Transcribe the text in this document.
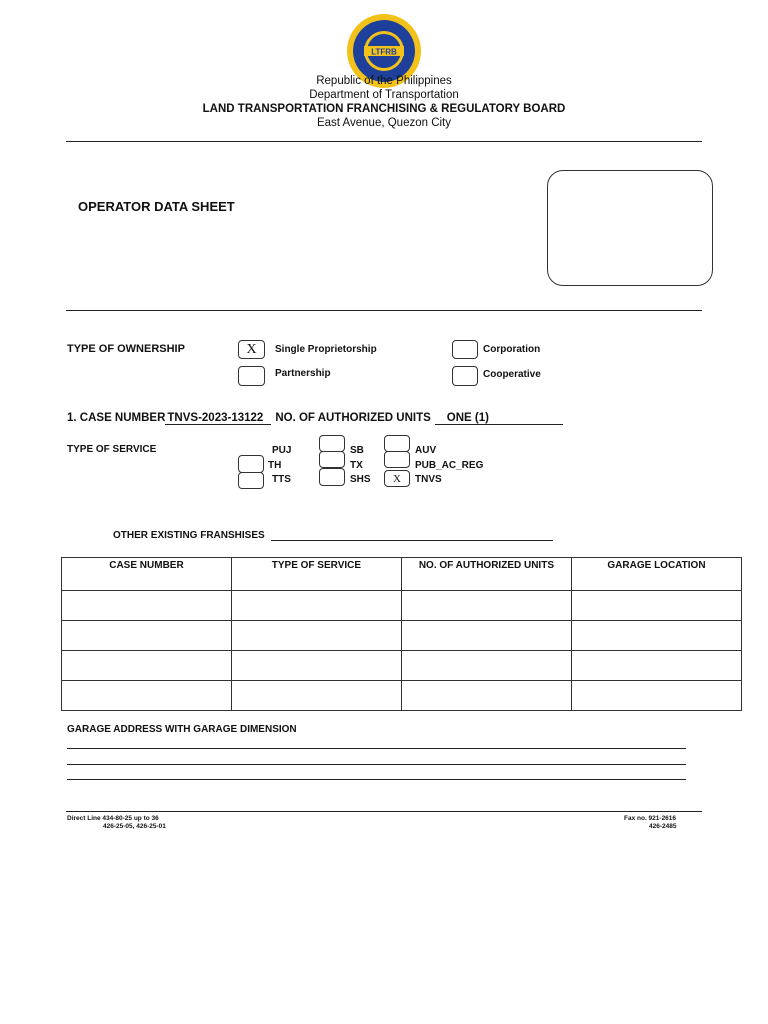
LTFRB
Republic of the Philippines
Department of Transportation
LAND TRANSPORTATION FRANCHISING & REGULATORY BOARD
East Avenue, Quezon City
OPERATOR DATA SHEET
TYPE OF OWNERSHIP	X	Single Proprietorship	Corporation
Partnership	Cooperative
1. CASE NUMBER TNVS-2023-13122 NO. OF AUTHORIZED UNITS ONE (1)
TYPE OF SERVICE	PUJ	SB	AUV
TH	TX	PUB_AC_REG
TTS	SHS	X	TNVS
OTHER EXISTING FRANSHISES
CASE NUMBER	TYPE OF SERVICE	NO. OF AUTHORIZED UNITS	GARAGE LOCATION

GARAGE ADDRESS WITH GARAGE DIMENSION
Direct Line 434-80-25 up to 36
426-25-05, 426-25-01
Fax no. 921-2616
426-2485
